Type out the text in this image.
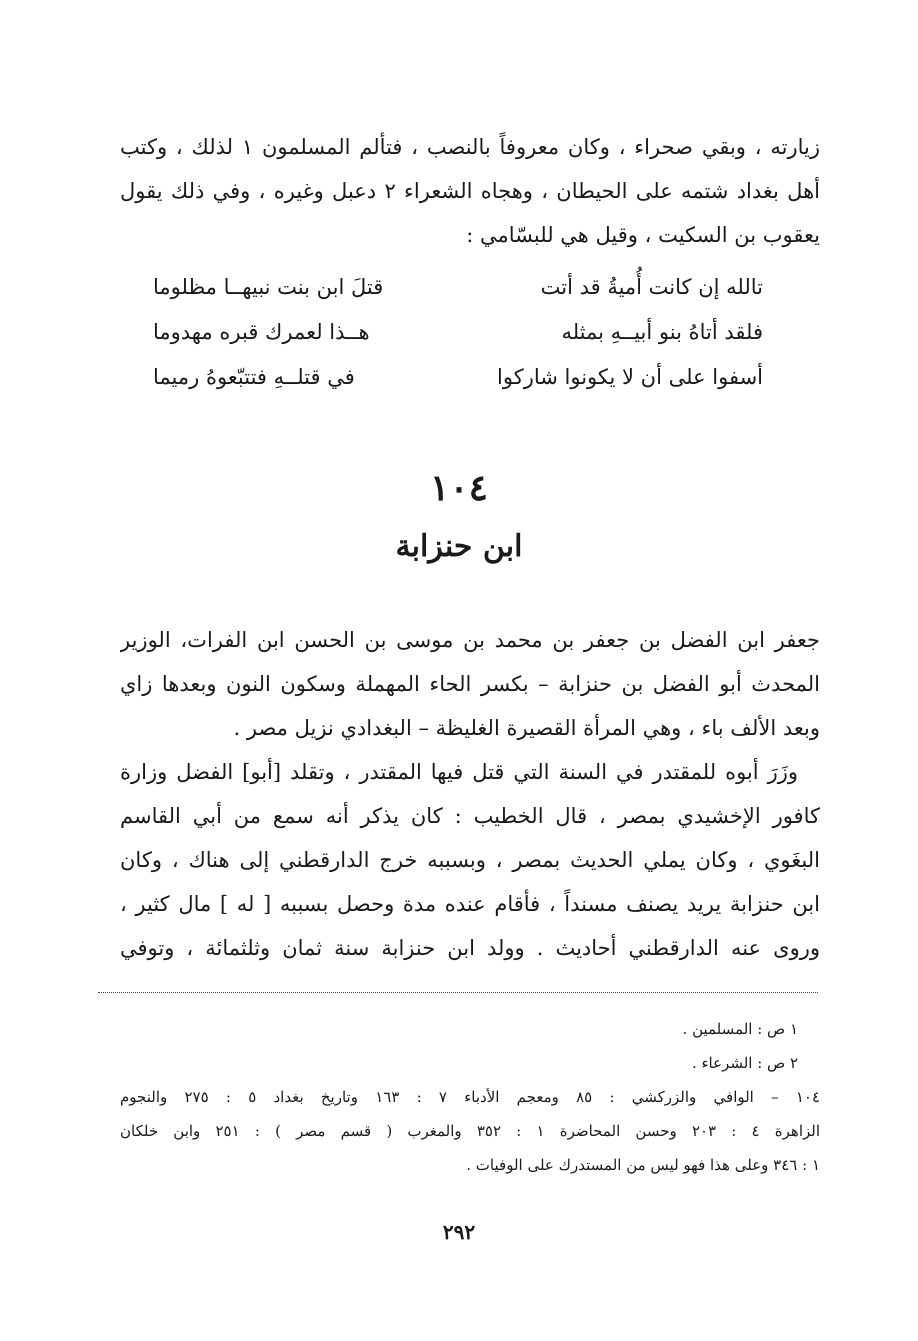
زيارته ، وبقي صحراء ، وكان معروفاً بالنصب ، فتألم المسلمون ١ لذلك ، وكتب
أهل بغداد شتمه على الحيطان ، وهجاه الشعراء ٢ دعبل وغيره ، وفي ذلك يقول
يعقوب بن السكيت ، وقيل هي للبسّامي :
تالله إن كانت أُميةُ قد أتت
قتلَ ابن بنت نبيهــا مظلوما
فلقد أتاهُ بنو أبيــهِ بمثله
هــذا لعمرك قبره مهدوما
أسفوا على أن لا يكونوا شاركوا
في قتلــهِ فتتبّعوهُ رميما
١٠٤
ابن حنزابة
جعفر ابن الفضل بن جعفر بن محمد بن موسى بن الحسن ابن الفرات، الوزير
المحدث أبو الفضل بن حنزابة – بكسر الحاء المهملة وسكون النون وبعدها زاي
وبعد الألف باء ، وهي المرأة القصيرة الغليظة – البغدادي نزيل مصر .
وزَرَ أبوه للمقتدر في السنة التي قتل فيها المقتدر ، وتقلد [أبو] الفضل وزارة
كافور الإخشيدي بمصر ، قال الخطيب : كان يذكر أنه سمع من أبي القاسم
البغَوي ، وكان يملي الحديث بمصر ، وبسببه خرج الدارقطني إلى هناك ، وكان
ابن حنزابة يريد يصنف مسنداً ، فأقام عنده مدة وحصل بسببه [ له ] مال كثير ،
وروى عنه الدارقطني أحاديث . وولد ابن حنزابة سنة ثمان وثلثمائة ، وتوفي
١ ص : المسلمين .
٢ ص : الشرعاء .
١٠٤ – الوافي والزركشي : ٨٥ ومعجم الأدباء ٧ : ١٦٣ وتاريخ بغداد ٥ : ٢٧٥ والنجوم
الزاهرة ٤ : ٢٠٣ وحسن المحاضرة ١ : ٣٥٢ والمغرب ( قسم مصر ) : ٢٥١ وابن خلكان
١ : ٣٤٦ وعلى هذا فهو ليس من المستدرك على الوفيات .
٢٩٢
